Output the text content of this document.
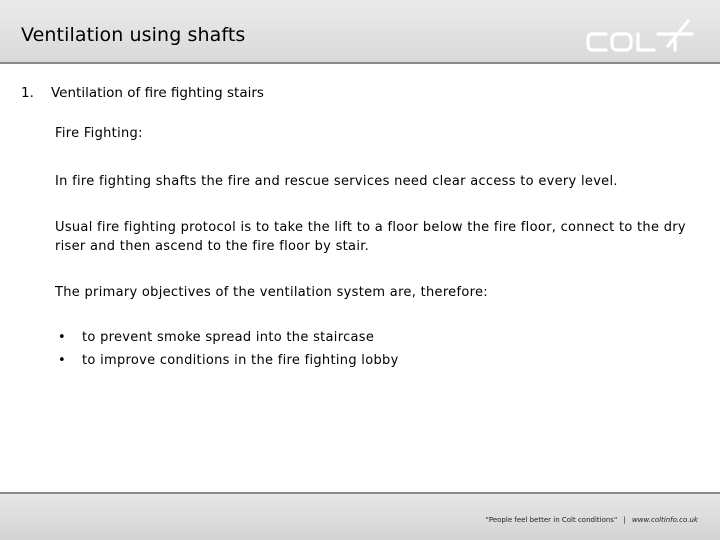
Ventilation using shafts
1. Ventilation of fire fighting stairs
Fire Fighting:
In fire fighting shafts the fire and rescue services need clear access to every level.
Usual fire fighting protocol is to take the lift to a floor below the fire floor, connect to the dry riser and then ascend to the fire floor by stair.
The primary objectives of the ventilation system are, therefore:
• to prevent smoke spread into the staircase
• to improve conditions in the fire fighting lobby
"People feel better in Colt conditions" | www.coltinfo.co.uk
